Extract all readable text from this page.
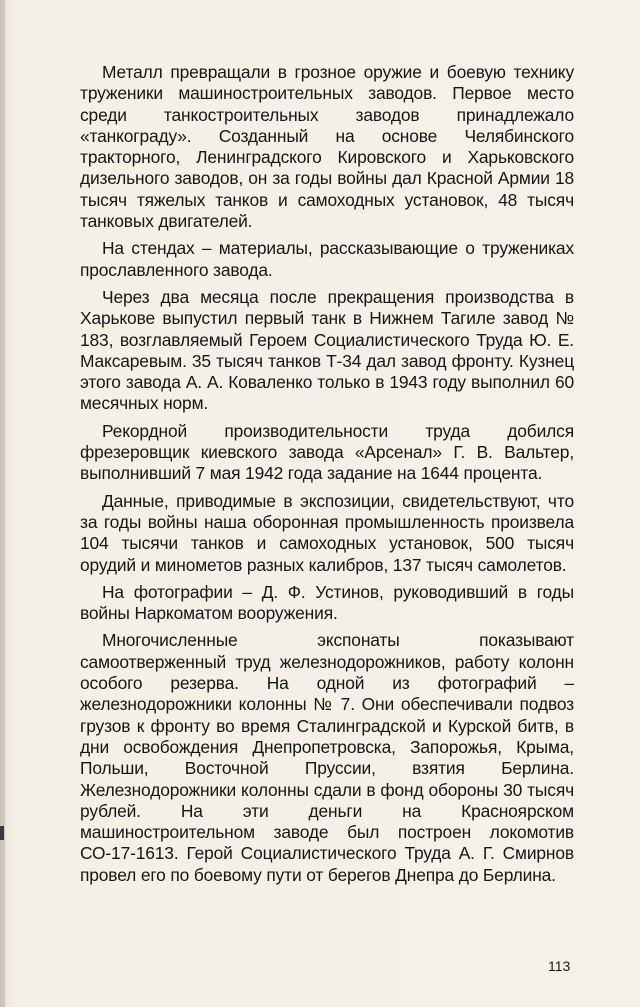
Металл превращали в грозное оружие и боевую технику труженики машиностроительных заводов. Первое место среди танкостроительных заводов принадлежало «танкограду». Созданный на основе Челябинского тракторного, Ленинградского Кировского и Харьковского дизельного заводов, он за годы войны дал Красной Армии 18 тысяч тяжелых танков и самоходных установок, 48 тысяч танковых двигателей.

На стендах – материалы, рассказывающие о тружениках прославленного завода.

Через два месяца после прекращения производства в Харькове выпустил первый танк в Нижнем Тагиле завод № 183, возглавляемый Героем Социалистического Труда Ю. Е. Максаревым. 35 тысяч танков Т-34 дал завод фронту. Кузнец этого завода А. А. Коваленко только в 1943 году выполнил 60 месячных норм.

Рекордной производительности труда добился фрезеровщик киевского завода «Арсенал» Г. В. Вальтер, выполнивший 7 мая 1942 года задание на 1644 процента.

Данные, приводимые в экспозиции, свидетельствуют, что за годы войны наша оборонная промышленность произвела 104 тысячи танков и самоходных установок, 500 тысяч орудий и минометов разных калибров, 137 тысяч самолетов.

На фотографии – Д. Ф. Устинов, руководивший в годы войны Наркоматом вооружения.

Многочисленные экспонаты показывают самоотверженный труд железнодорожников, работу колонн особого резерва. На одной из фотографий – железнодорожники колонны № 7. Они обеспечивали подвоз грузов к фронту во время Сталинградской и Курской битв, в дни освобождения Днепропетровска, Запорожья, Крыма, Польши, Восточной Пруссии, взятия Берлина. Железнодорожники колонны сдали в фонд обороны 30 тысяч рублей. На эти деньги на Красноярском машиностроительном заводе был построен локомотив СО-17-1613. Герой Социалистического Труда А. Г. Смирнов провел его по боевому пути от берегов Днепра до Берлина.

113
